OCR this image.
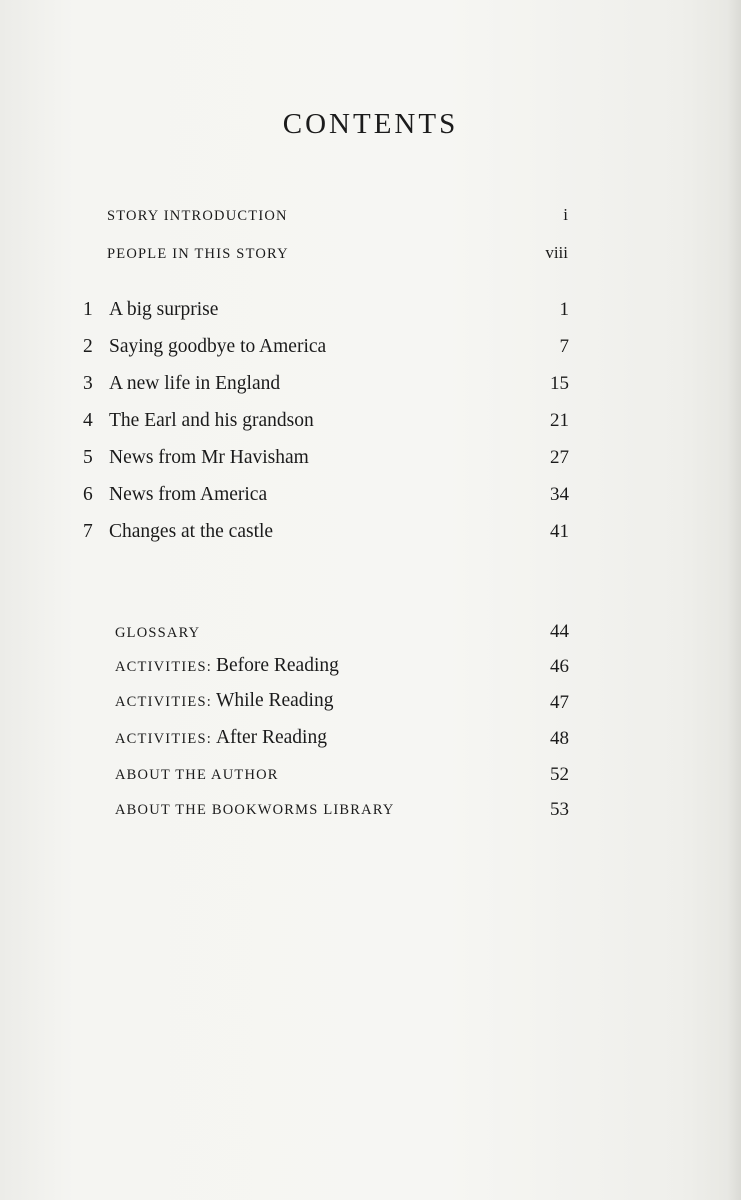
CONTENTS
STORY INTRODUCTION	i
PEOPLE IN THIS STORY	viii
1 A big surprise	1
2 Saying goodbye to America	7
3 A new life in England	15
4 The Earl and his grandson	21
5 News from Mr Havisham	27
6 News from America	34
7 Changes at the castle	41
GLOSSARY	44
ACTIVITIES: Before Reading	46
ACTIVITIES: While Reading	47
ACTIVITIES: After Reading	48
ABOUT THE AUTHOR	52
ABOUT THE BOOKWORMS LIBRARY	53
